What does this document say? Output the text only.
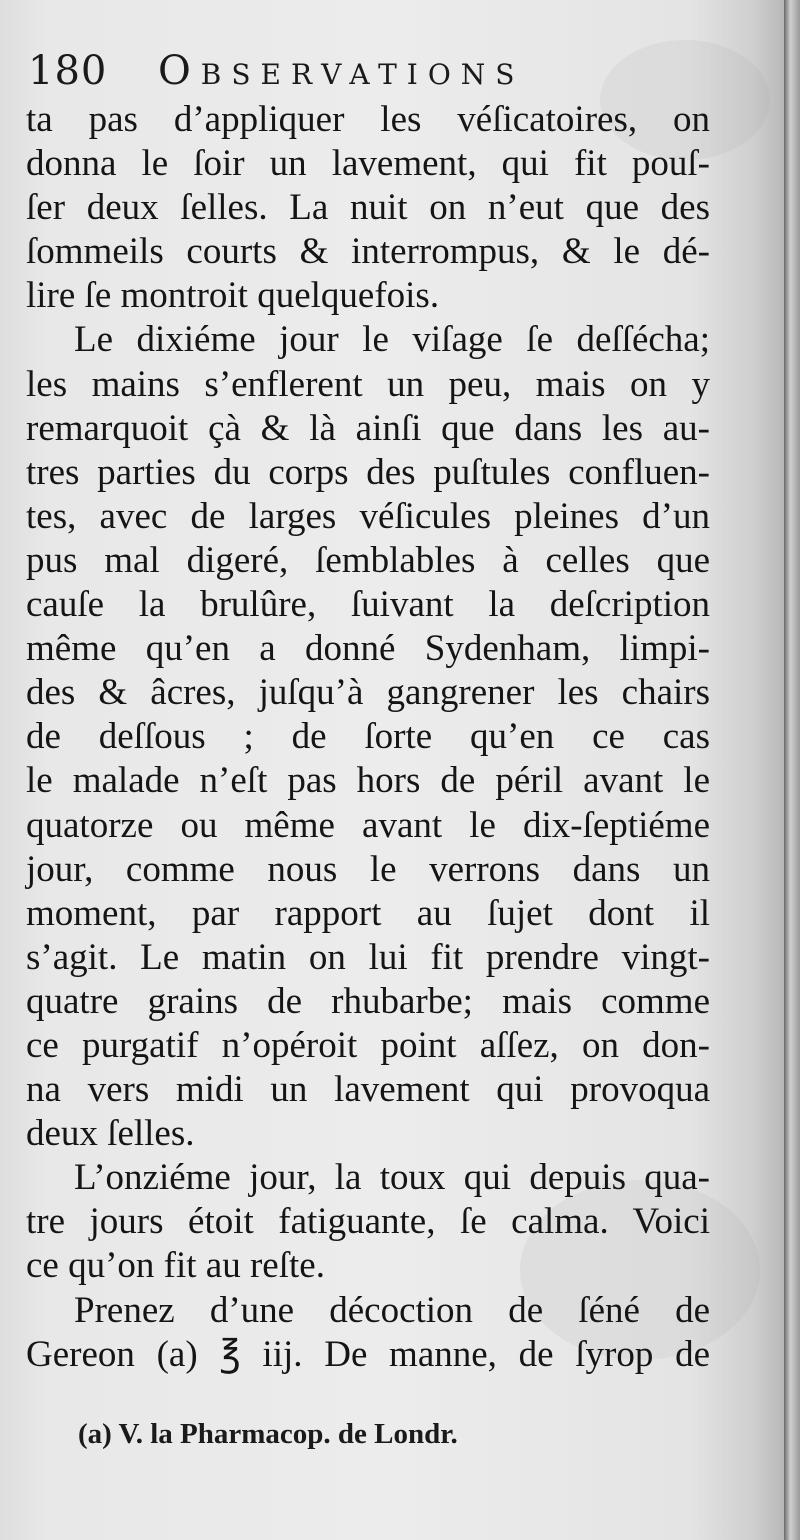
180 Observations
ta pas d’appliquer les véſicatoires, on
donna le ſoir un lavement, qui fit pouſ-
ſer deux ſelles. La nuit on n’eut que des
ſommeils courts & interrompus, & le dé-
lire ſe montroit quelquefois.
Le dixiéme jour le viſage ſe deſſécha;
les mains s’enflerent un peu, mais on y
remarquoit çà & là ainſi que dans les au-
tres parties du corps des puſtules confluen-
tes, avec de larges véſicules pleines d’un
pus mal digeré, ſemblables à celles que
cauſe la brulûre, ſuivant la deſcription
même qu’en a donné Sydenham, limpi-
des & âcres, juſqu’à gangrener les chairs
de deſſous ; de ſorte qu’en ce cas
le malade n’eſt pas hors de péril avant le
quatorze ou même avant le dix-ſeptiéme
jour, comme nous le verrons dans un
moment, par rapport au ſujet dont il
s’agit. Le matin on lui fit prendre vingt-
quatre grains de rhubarbe; mais comme
ce purgatif n’opéroit point aſſez, on don-
na vers midi un lavement qui provoqua
deux ſelles.
L’onziéme jour, la toux qui depuis qua-
tre jours étoit fatiguante, ſe calma. Voici
ce qu’on fit au reſte.
Prenez d’une décoction de ſéné de
Gereon (a) ℥ iij. De manne, de ſyrop de
(a) V. la Pharmacop. de Londr.
